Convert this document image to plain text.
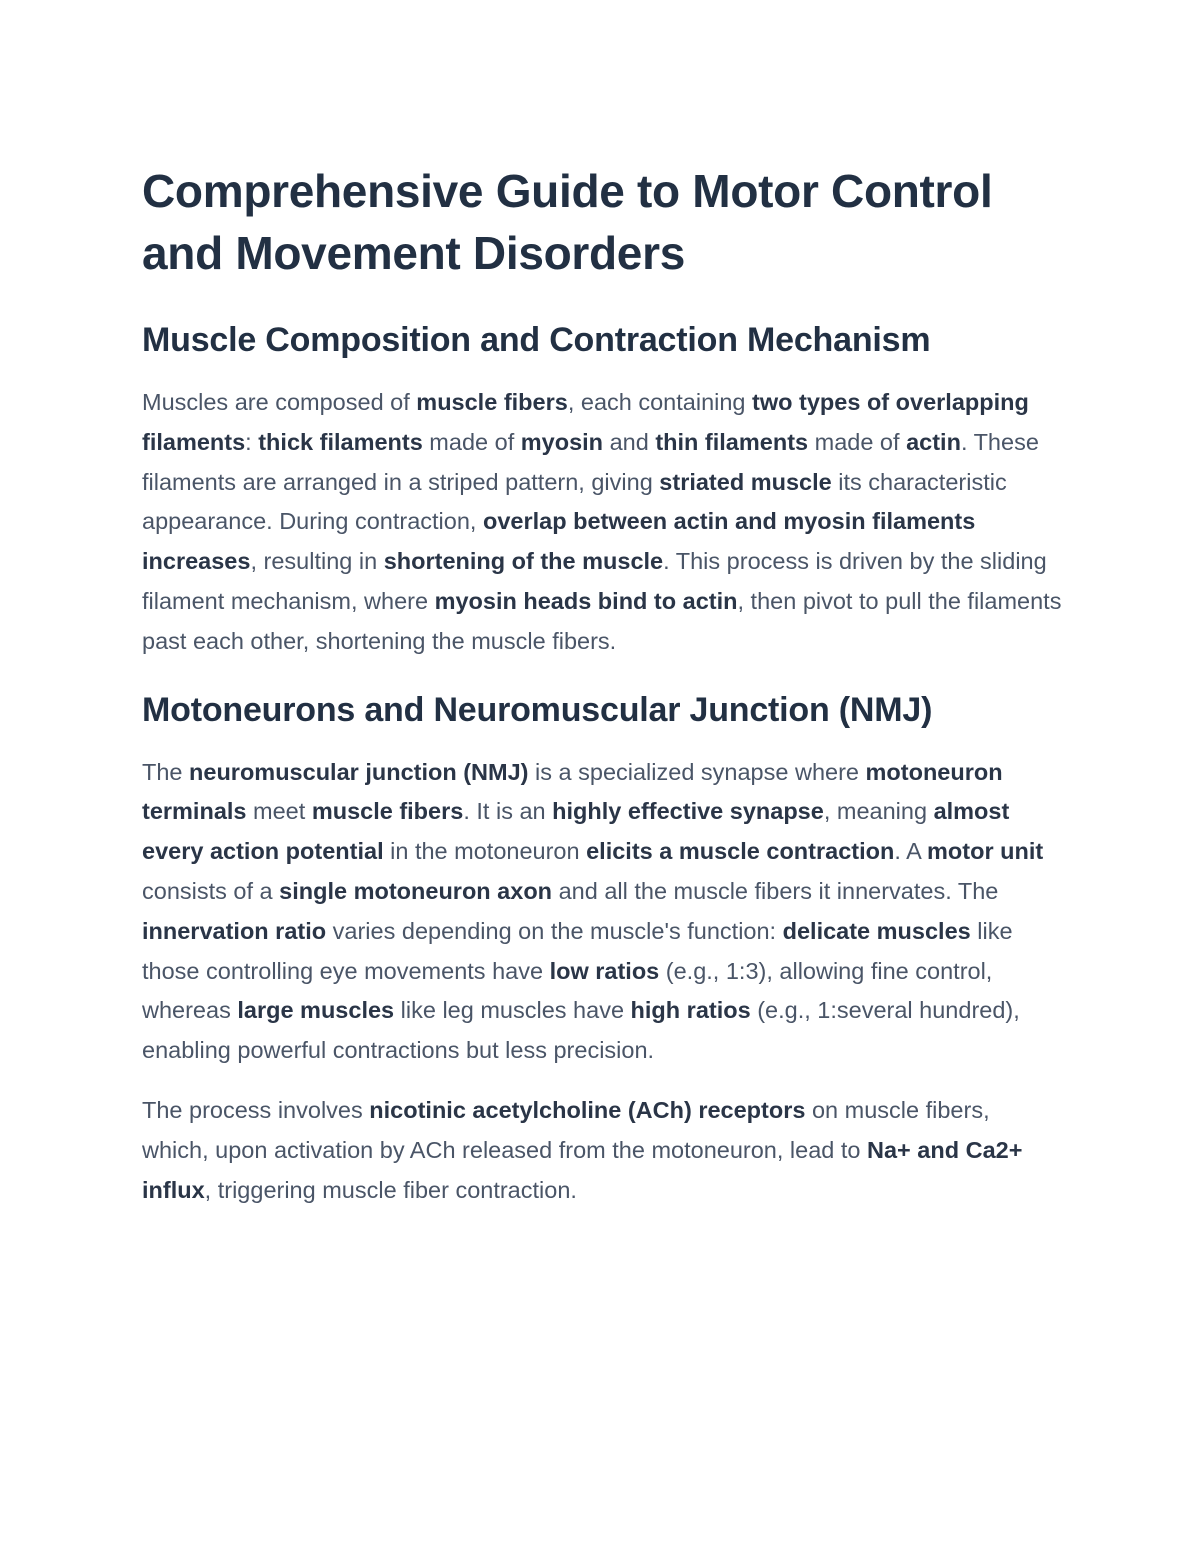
Comprehensive Guide to Motor Control and Movement Disorders
Muscle Composition and Contraction Mechanism

Muscles are composed of muscle fibers, each containing two types of overlapping filaments: thick filaments made of myosin and thin filaments made of actin. These filaments are arranged in a striped pattern, giving striated muscle its characteristic appearance. During contraction, overlap between actin and myosin filaments increases, resulting in shortening of the muscle. This process is driven by the sliding filament mechanism, where myosin heads bind to actin, then pivot to pull the filaments past each other, shortening the muscle fibers.

Motoneurons and Neuromuscular Junction (NMJ)

The neuromuscular junction (NMJ) is a specialized synapse where motoneuron terminals meet muscle fibers. It is an highly effective synapse, meaning almost every action potential in the motoneuron elicits a muscle contraction. A motor unit consists of a single motoneuron axon and all the muscle fibers it innervates. The innervation ratio varies depending on the muscle's function: delicate muscles like those controlling eye movements have low ratios (e.g., 1:3), allowing fine control, whereas large muscles like leg muscles have high ratios (e.g., 1:several hundred), enabling powerful contractions but less precision.

The process involves nicotinic acetylcholine (ACh) receptors on muscle fibers, which, upon activation by ACh released from the motoneuron, lead to Na+ and Ca2+ influx, triggering muscle fiber contraction.
